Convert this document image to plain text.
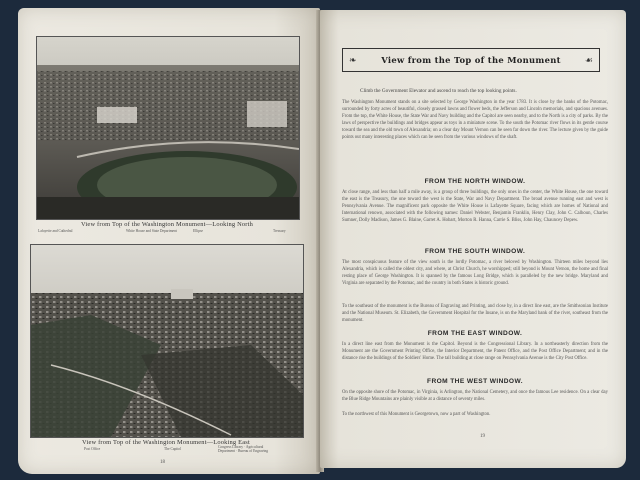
View from Top of the Washington Monument—Looking North
Lafayette and Cathedral	White House and State Department	Ellipse	Treasury
View from Top of the Washington Monument—Looking East
Post Office	The Capitol	Congress Library · Agricultural Department · Bureau of Engraving
18
❧	View from the Top of the Monument	☙
Climb the Government Elevator and ascend to reach the top looking points.
The Washington Monument stands on a site selected by George Washington in the year 1783. It is close by the banks of the Potomac, surrounded by forty acres of beautiful, closely grassed lawns and flower beds, the Jefferson and Lincoln memorials, and spacious avenues. From the top, the White House, the State War and Navy building and the Capitol are seen nearby, and to the North is a city of parks. By the laws of perspective the buildings and bridges appear as toys in a miniature scene. To the south the Potomac river flows in its gentle course toward the sea and the old town of Alexandria; on a clear day Mount Vernon can be seen far down the river. The lecture given by the guide points out many interesting places which can be seen from the various windows of the shaft.
FROM THE NORTH WINDOW.
At close range, and less than half a mile away, is a group of three buildings, the only ones in the center, the White House, the one toward the east is the Treasury, the one toward the west is the State, War and Navy Department. The broad avenue running east and west is Pennsylvania Avenue. The magnificent park opposite the White House is Lafayette Square, facing which are homes of National and International renown, associated with the following names: Daniel Webster, Benjamin Franklin, Henry Clay, John C. Calhoun, Charles Sumner, Dolly Madison, James G. Blaine, Garret A. Hobart, Morton R. Hanna, Carrie S. Bliss, John Hay, Chauncey Depew.
FROM THE SOUTH WINDOW.
The most conspicuous feature of the view south is the lordly Potomac, a river beloved by Washington. Thirteen miles beyond lies Alexandria, which is called the oldest city, and where, at Christ Church, he worshipped; still beyond is Mount Vernon, the home and final resting place of George Washington. It is spanned by the famous Long Bridge, which is paralleled by the new bridge. Maryland and Virginia are separated by the Potomac, and the country in both States is historic ground.
To the southeast of the monument is the Bureau of Engraving and Printing, and close by, in a direct line east, are the Smithsonian Institute and the National Museum. St. Elizabeth, the Government Hospital for the Insane, is on the Maryland bank of the river, southeast from the monument.
FROM THE EAST WINDOW.
In a direct line east from the Monument is the Capitol. Beyond is the Congressional Library. In a northeasterly direction from the Monument are the Government Printing Office, the Interior Department, the Patent Office, and the Post Office Department; and in the distance rise the buildings of the Soldiers' Home. The tall building at close range on Pennsylvania Avenue is the City Post Office.
FROM THE WEST WINDOW.
On the opposite shore of the Potomac, in Virginia, is Arlington, the National Cemetery, and once the famous Lee residence. On a clear day the Blue Ridge Mountains are plainly visible at a distance of seventy miles.
To the northwest of this Monument is Georgetown, now a part of Washington.
19
